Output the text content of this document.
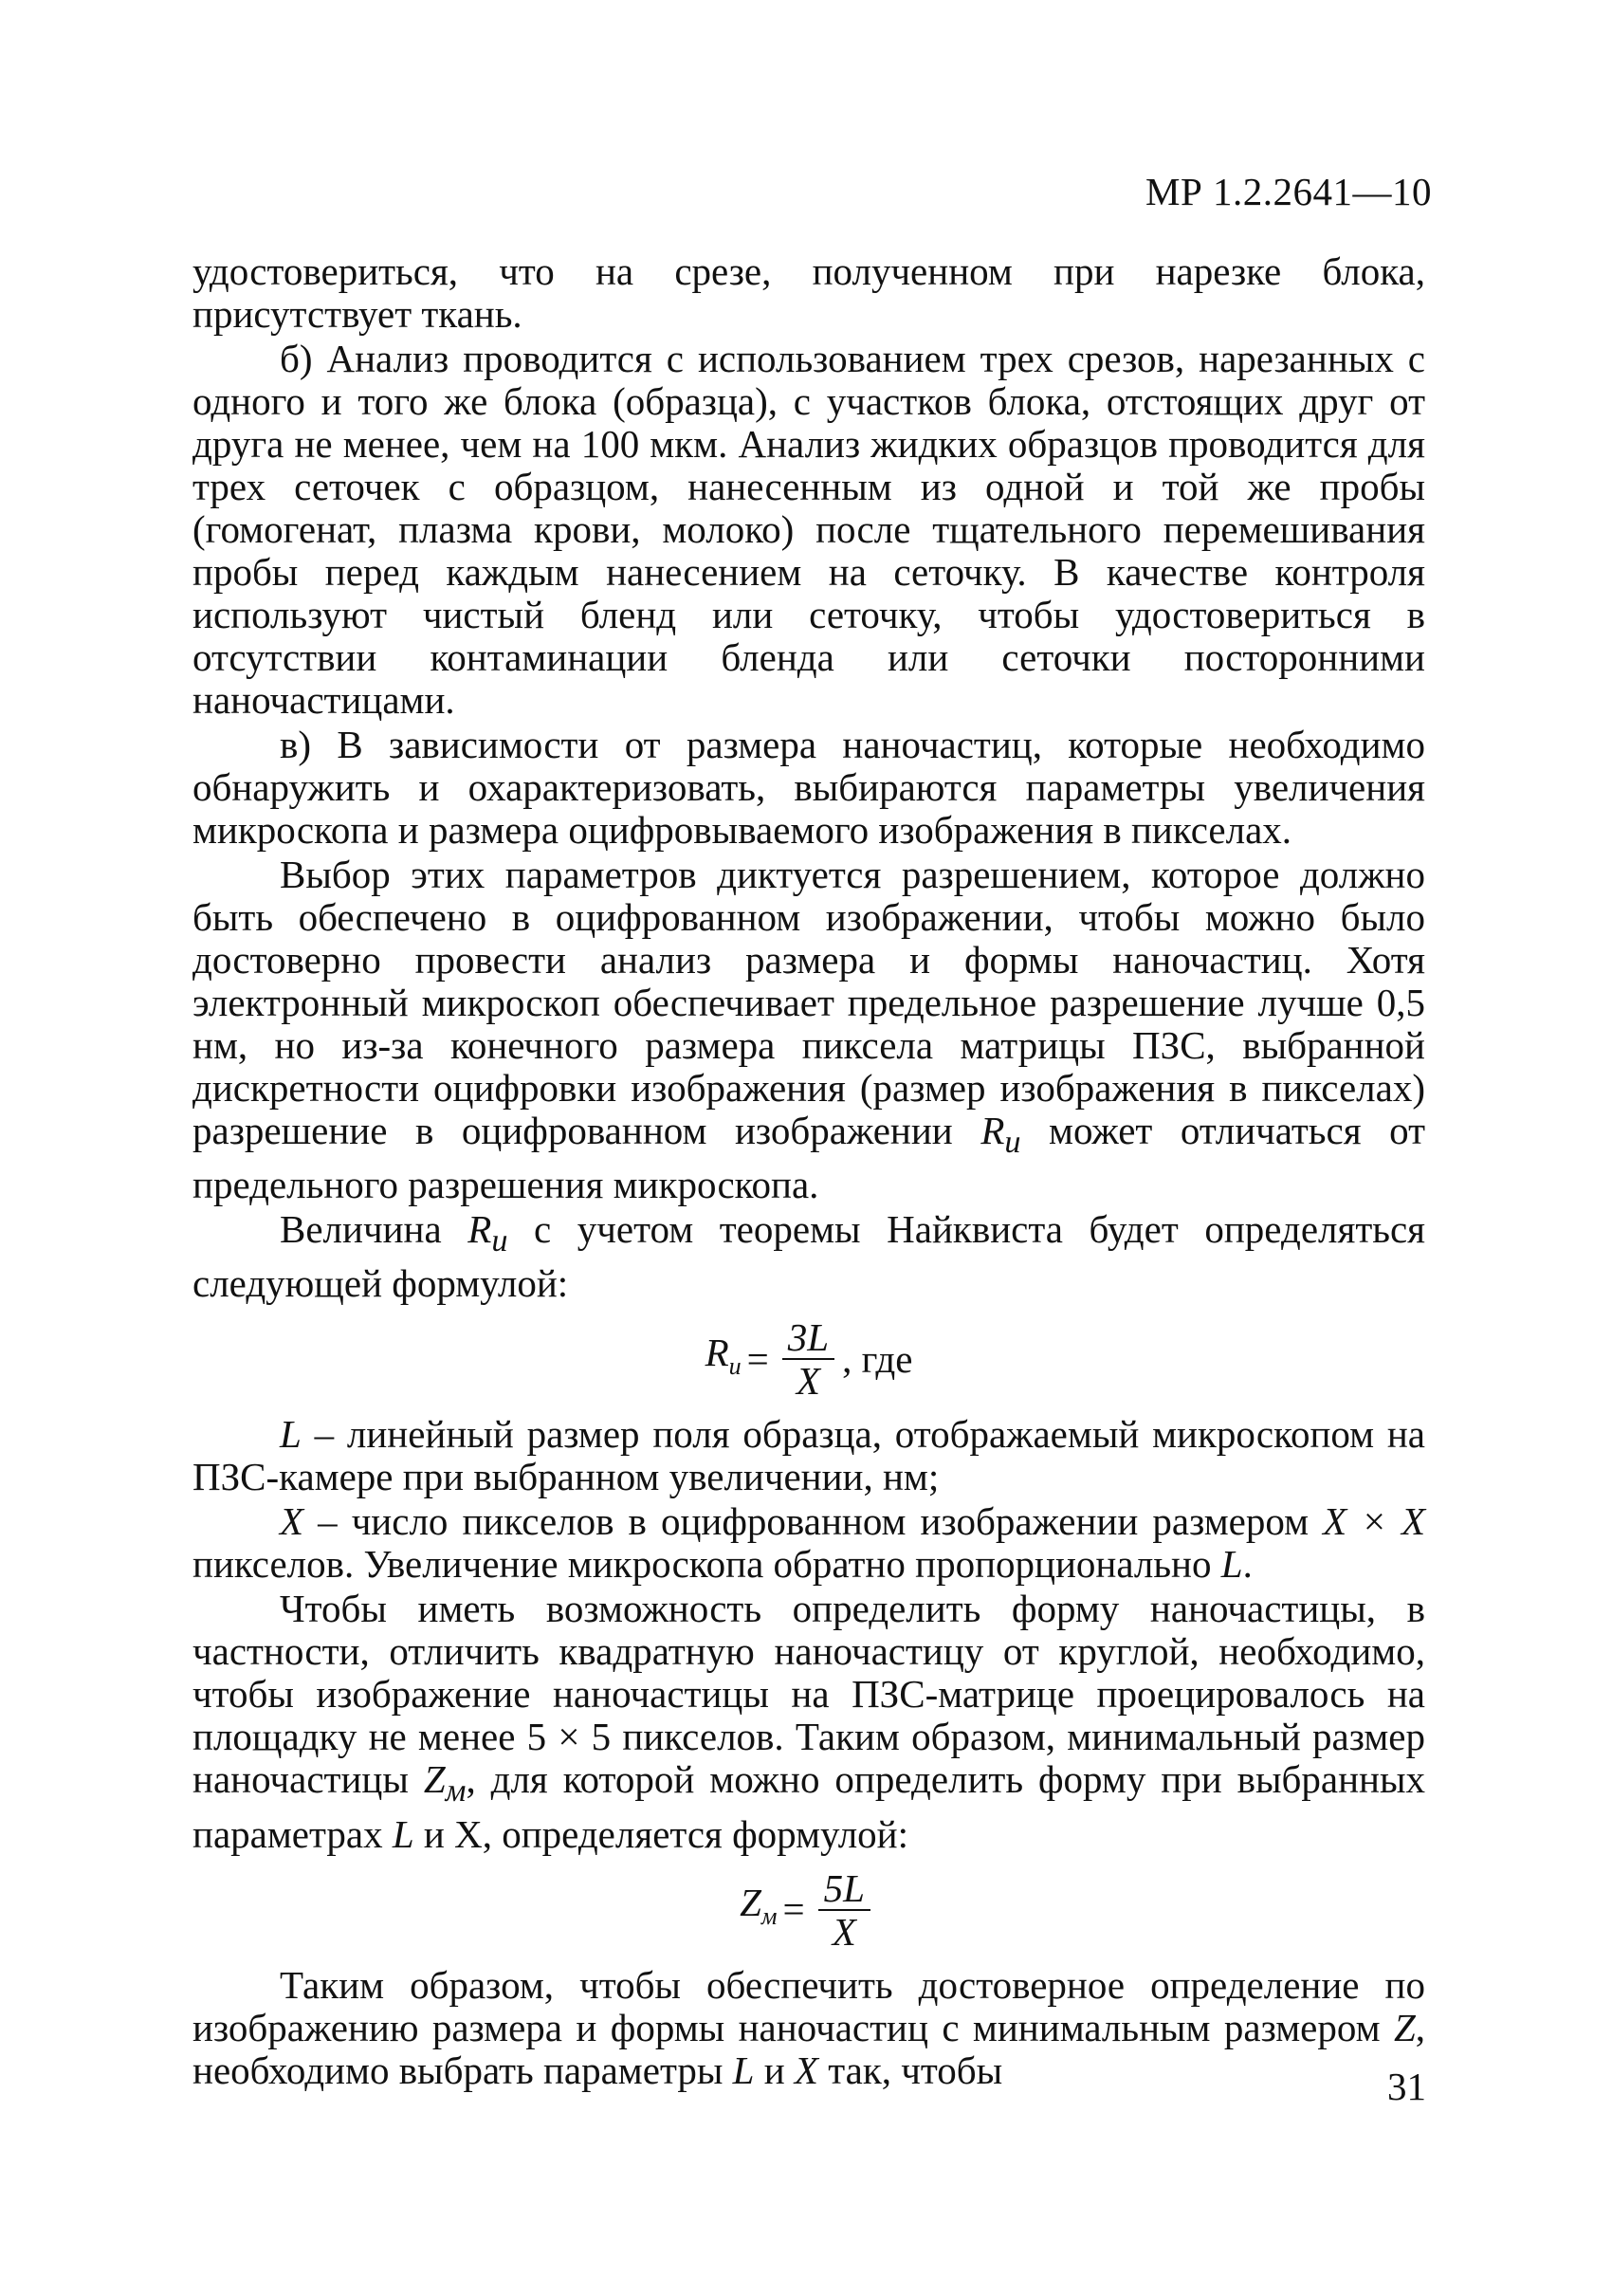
МР 1.2.2641—10

удостовериться, что на срезе, полученном при нарезке блока, присутствует ткань.

б) Анализ проводится с использованием трех срезов, нарезанных с одного и того же блока (образца), с участков блока, отстоящих друг от друга не менее, чем на 100 мкм. Анализ жидких образцов проводится для трех сеточек с образцом, нанесенным из одной и той же пробы (гомогенат, плазма крови, молоко) после тщательного перемешивания пробы перед каждым нанесением на сеточку. В качестве контроля используют чистый бленд или сеточку, чтобы удостовериться в отсутствии контаминации бленда или сеточки посторонними наночастицами.

в) В зависимости от размера наночастиц, которые необходимо обнаружить и охарактеризовать, выбираются параметры увеличения микроскопа и размера оцифровываемого изображения в пикселах.

Выбор этих параметров диктуется разрешением, которое должно быть обеспечено в оцифрованном изображении, чтобы можно было достоверно провести анализ размера и формы наночастиц. Хотя электронный микроскоп обеспечивает предельное разрешение лучше 0,5 нм, но из-за конечного размера пиксела матрицы ПЗС, выбранной дискретности оцифровки изображения (размер изображения в пикселах) разрешение в оцифрованном изображении $R_и$ может отличаться от предельного разрешения микроскопа.

Величина $R_и$ с учетом теоремы Найквиста будет определяться следующей формулой:

$R_и = \frac{3L}{X}$ , где

L – линейный размер поля образца, отображаемый микроскопом на ПЗС-камере при выбранном увеличении, нм;

X – число пикселов в оцифрованном изображении размером X × X пикселов. Увеличение микроскопа обратно пропорционально L.

Чтобы иметь возможность определить форму наночастицы, в частности, отличить квадратную наночастицу от круглой, необходимо, чтобы изображение наночастицы на ПЗС-матрице проецировалось на площадку не менее 5 × 5 пикселов. Таким образом, минимальный размер наночастицы $Z_м$, для которой можно определить форму при выбранных параметрах L и X, определяется формулой:

$Z_м = \frac{5L}{X}$

Таким образом, чтобы обеспечить достоверное определение по изображению размера и формы наночастиц с минимальным размером Z, необходимо выбрать параметры L и X так, чтобы	31
